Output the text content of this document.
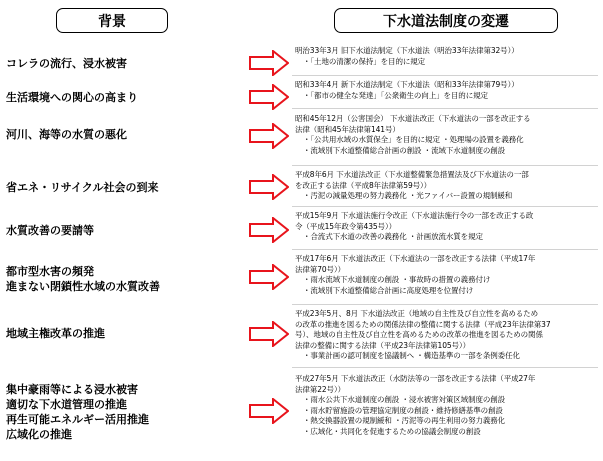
背景	下水道法制度の変遷
コレラの流行、浸水被害
明治33年3月 旧下水道法制定（下水道法（明治33年法律第32号））
・「土地の清潔の保持」を目的に規定
生活環境への関心の高まり
昭和33年4月 新下水道法制定（下水道法（昭和33年法律第79号））
・「都市の健全な発達」「公衆衛生の向上」を目的に規定
河川、海等の水質の悪化
昭和45年12月（公害国会） 下水道法改正（下水道法の一部を改正する
法律（昭和45年法律第141号）
・「公共用水域の水質保全」を目的に規定 ・処理場の設置を義務化
・流域別下水道整備総合計画の創設 ・流域下水道制度の創設
省エネ・リサイクル社会の到来
平成8年6月 下水道法改正（下水道整備緊急措置法及び下水道法の一部
を改正する法律（平成8年法律第59号））
・汚泥の減量処理の努力義務化 ・光ファイバー設置の規制緩和
水質改善の要請等
平成15年9月 下水道法施行令改正（下水道法施行令の一部を改正する政
令（平成15年政令第435号））
・合流式下水道の改善の義務化 ・計画放流水質を規定
都市型水害の頻発
進まない閉鎖性水域の水質改善
平成17年6月 下水道法改正（下水道法の一部を改正する法律（平成17年
法律第70号））
・雨水流域下水道制度の創設 ・事故時の措置の義務付け
・流域別下水道整備総合計画に高度処理を位置付け
地域主権改革の推進
平成23年5月、8月 下水道法改正（地域の自主性及び自立性を高めるため
の改革の推進を図るための関係法律の整備に関する法律（平成23年法律第37
号）、地域の自主性及び自立性を高めるための改革の推進を図るための関係
法律の整備に関する法律（平成23年法律第105号））
・事業計画の認可制度を協議制へ ・構造基準の一部を条例委任化
集中豪雨等による浸水被害
適切な下水道管理の推進
再生可能エネルギー活用推進
広域化の推進
平成27年5月 下水道法改正（水防法等の一部を改正する法律（平成27年
法律第22号））
・雨水公共下水道制度の創設 ・浸水被害対策区域制度の創設
・雨水貯留施設の管理協定制度の創設・維持修繕基準の創設
・熱交換器設置の規制緩和 ・汚泥等の再生利用の努力義務化
・広域化・共同化を促進するための協議会制度の創設
